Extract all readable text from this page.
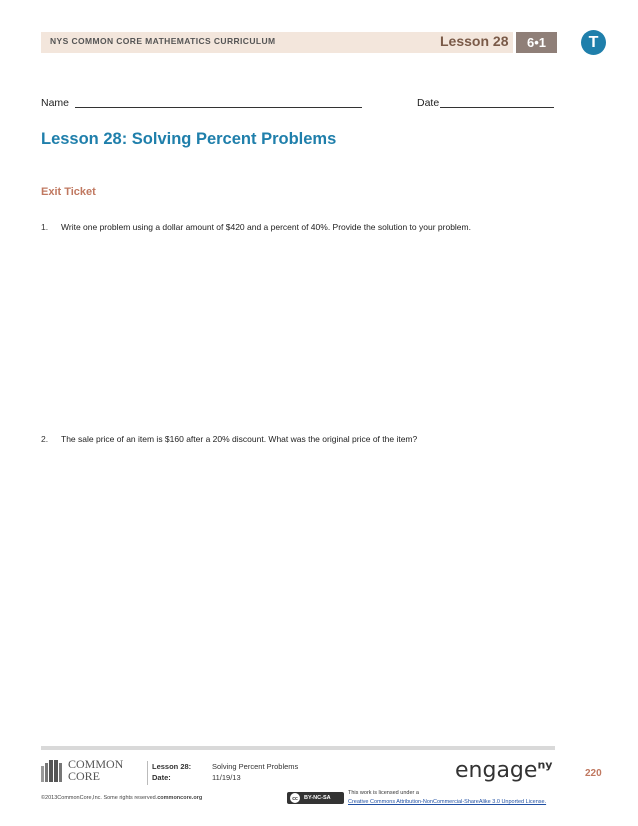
NYS COMMON CORE MATHEMATICS CURRICULUM	Lesson 28	6•1	T
Name	Date
Lesson 28: Solving Percent Problems
Exit Ticket
1. Write one problem using a dollar amount of $420 and a percent of 40%. Provide the solution to your problem.
2. The sale price of an item is $160 after a 20% discount. What was the original price of the item?
COMMON
CORE
Lesson 28:	Solving Percent Problems
Date:	11/19/13	engage$^{ny}$
220
©2013CommonCore,Inc. Some rights reserved.commoncore.org	cc BY-NC-SA
This work is licensed under a
Creative Commons Attribution-NonCommercial-ShareAlike 3.0 Unported License.
